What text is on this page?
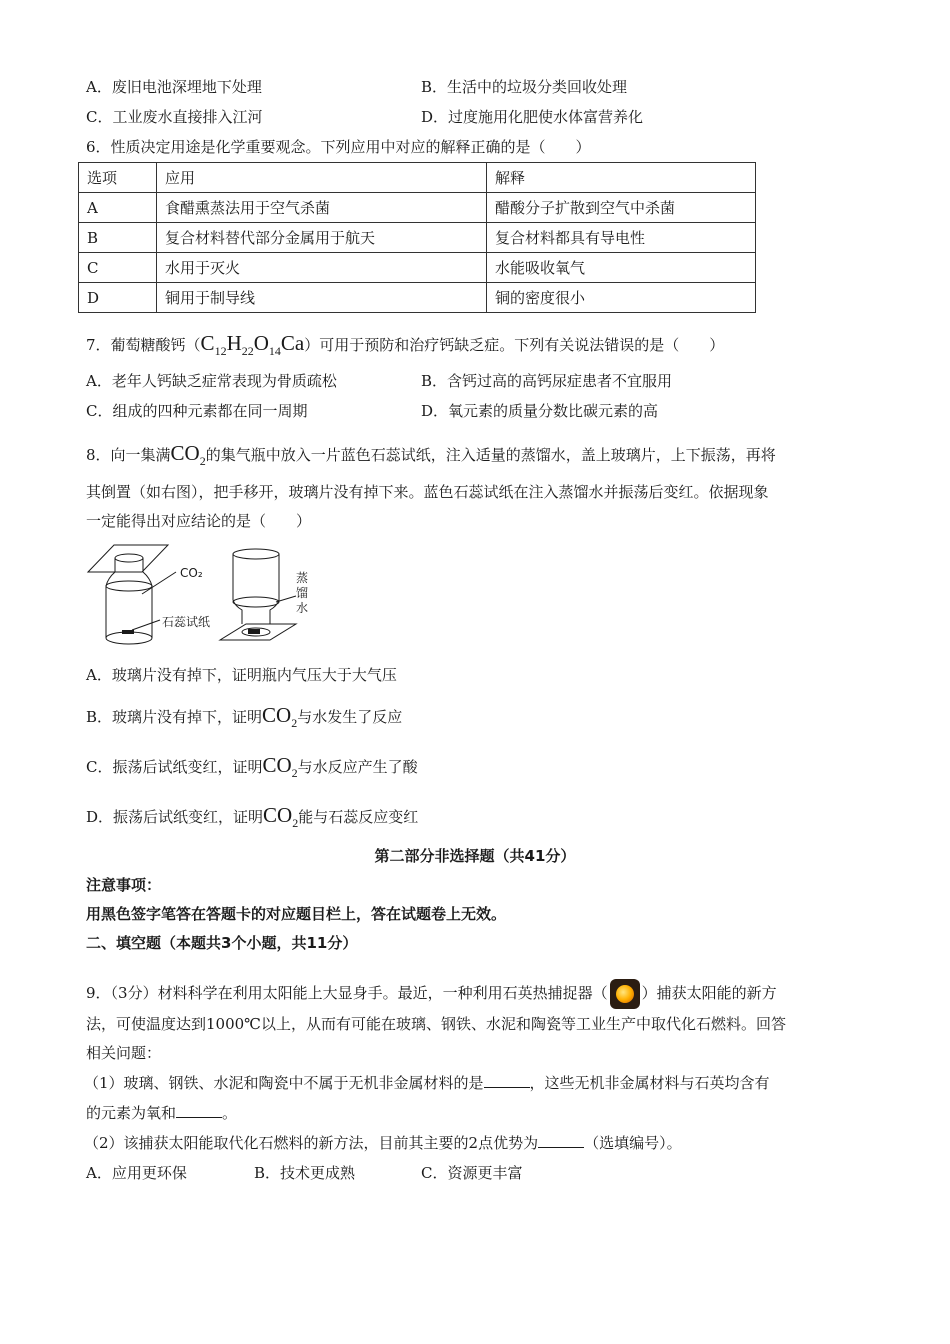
A．废旧电池深埋地下处理	B．生活中的垃圾分类回收处理
C．工业废水直接排入江河	D．过度施用化肥使水体富营养化
6．性质决定用途是化学重要观念。下列应用中对应的解释正确的是（　　）
选项	应用	解释
A	食醋熏蒸法用于空气杀菌	醋酸分子扩散到空气中杀菌
B	复合材料替代部分金属用于航天	复合材料都具有导电性
C	水用于灭火	水能吸收氧气
D	铜用于制导线	铜的密度很小
7．葡萄糖酸钙$(C_{12}H_{22}O_{14}Ca)$可用于预防和治疗钙缺乏症。下列有关说法错误的是（　　）
A．老年人钙缺乏症常表现为骨质疏松	B．含钙过高的高钙尿症患者不宜服用
C．组成的四种元素都在同一周期	D．氧元素的质量分数比碳元素的高
8．向一集满$CO_2$的集气瓶中放入一片蓝色石蕊试纸，注入适量的蒸馏水，盖上玻璃片，上下振荡，再将
其倒置（如右图），把手移开，玻璃片没有掉下来。蓝色石蕊试纸在注入蒸馏水并振荡后变红。依据现象
一定能得出对应结论的是（　　）
CO₂
石蕊试纸
蒸
馏
水
A．玻璃片没有掉下，证明瓶内气压大于大气压
B．玻璃片没有掉下，证明$CO_2$与水发生了反应
C．振荡后试纸变红，证明$CO_2$与水反应产生了酸
D．振荡后试纸变红，证明$CO_2$能与石蕊反应变红
第二部分非选择题（共41分）
注意事项：
用黑色签字笔答在答题卡的对应题目栏上，答在试题卷上无效。
二、填空题（本题共3个小题，共11分）
9．（3分）材料科学在利用太阳能上大显身手。最近，一种利用石英热捕捉器（ ）捕获太阳能的新方
法，可使温度达到1000℃以上，从而有可能在玻璃、钢铁、水泥和陶瓷等工业生产中取代化石燃料。回答
相关问题：
（1）玻璃、钢铁、水泥和陶瓷中不属于无机非金属材料的是	，这些无机非金属材料与石英均含有
的元素为氧和	。
（2）该捕获太阳能取代化石燃料的新方法，目前其主要的2点优势为	（选填编号）。
A．应用更环保	B．技术更成熟	C．资源更丰富
